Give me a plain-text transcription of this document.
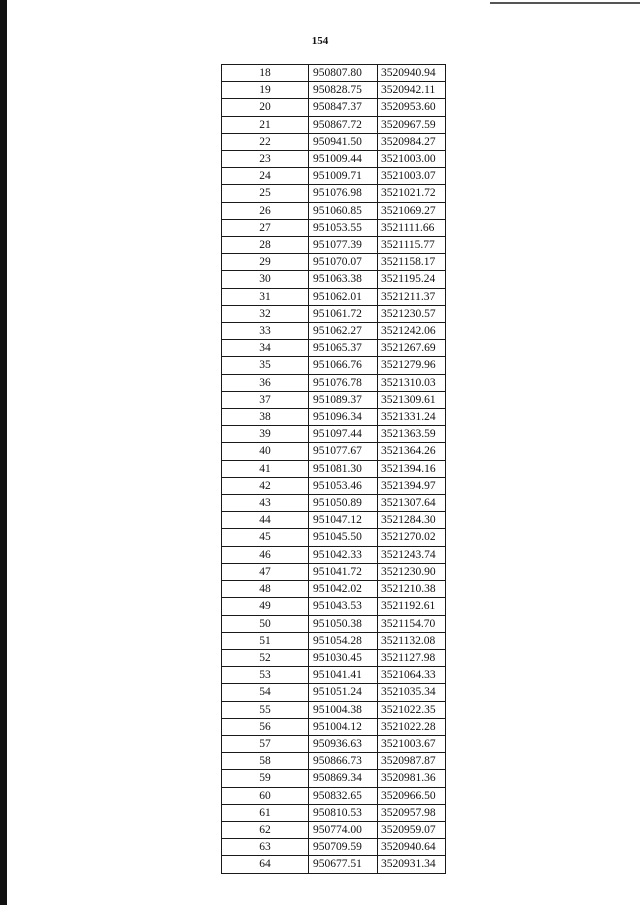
154
18	950807.80	3520940.94
19	950828.75	3520942.11
20	950847.37	3520953.60
21	950867.72	3520967.59
22	950941.50	3520984.27
23	951009.44	3521003.00
24	951009.71	3521003.07
25	951076.98	3521021.72
26	951060.85	3521069.27
27	951053.55	3521111.66
28	951077.39	3521115.77
29	951070.07	3521158.17
30	951063.38	3521195.24
31	951062.01	3521211.37
32	951061.72	3521230.57
33	951062.27	3521242.06
34	951065.37	3521267.69
35	951066.76	3521279.96
36	951076.78	3521310.03
37	951089.37	3521309.61
38	951096.34	3521331.24
39	951097.44	3521363.59
40	951077.67	3521364.26
41	951081.30	3521394.16
42	951053.46	3521394.97
43	951050.89	3521307.64
44	951047.12	3521284.30
45	951045.50	3521270.02
46	951042.33	3521243.74
47	951041.72	3521230.90
48	951042.02	3521210.38
49	951043.53	3521192.61
50	951050.38	3521154.70
51	951054.28	3521132.08
52	951030.45	3521127.98
53	951041.41	3521064.33
54	951051.24	3521035.34
55	951004.38	3521022.35
56	951004.12	3521022.28
57	950936.63	3521003.67
58	950866.73	3520987.87
59	950869.34	3520981.36
60	950832.65	3520966.50
61	950810.53	3520957.98
62	950774.00	3520959.07
63	950709.59	3520940.64
64	950677.51	3520931.34
